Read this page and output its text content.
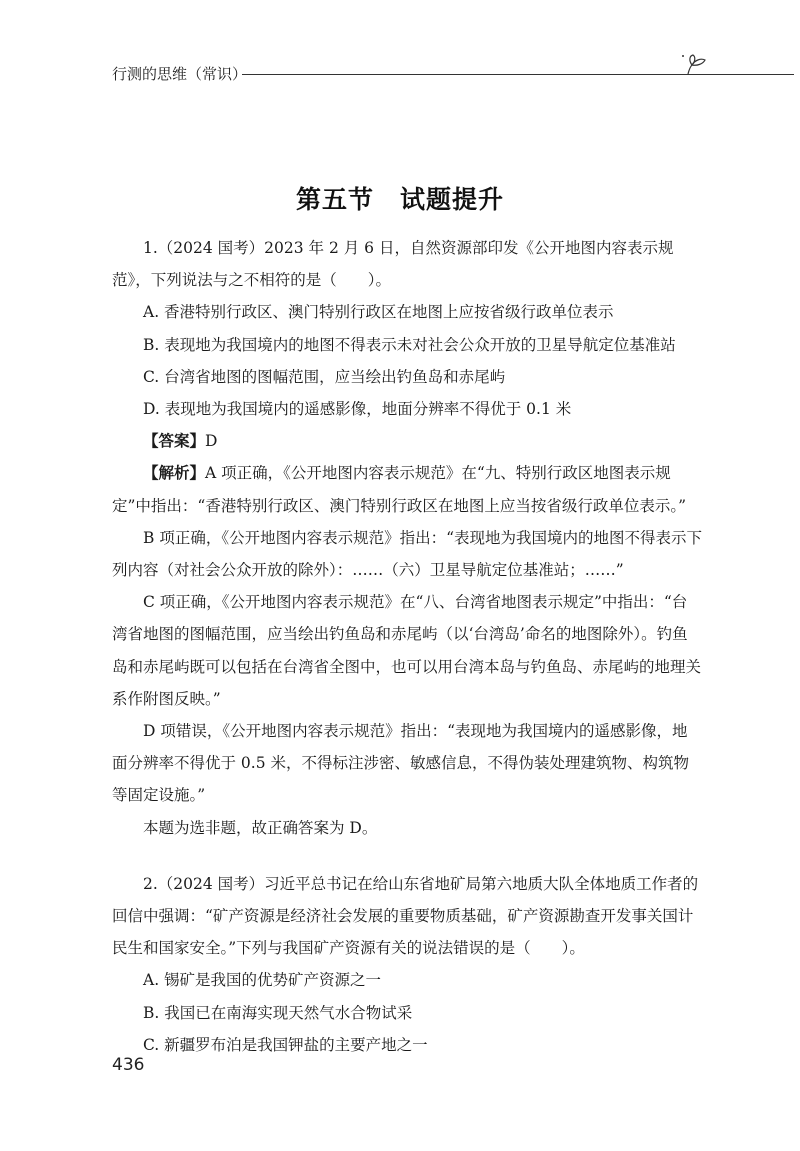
行测的思维（常识）
第五节　试题提升

1.（2024 国考）2023 年 2 月 6 日，自然资源部印发《公开地图内容表示规范》，下列说法与之不相符的是（　　）。

A. 香港特别行政区、澳门特别行政区在地图上应按省级行政单位表示

B. 表现地为我国境内的地图不得表示未对社会公众开放的卫星导航定位基准站

C. 台湾省地图的图幅范围，应当绘出钓鱼岛和赤尾屿

D. 表现地为我国境内的遥感影像，地面分辨率不得优于 0.1 米

【答案】D

【解析】A 项正确，《公开地图内容表示规范》在“九、特别行政区地图表示规定”中指出：“香港特别行政区、澳门特别行政区在地图上应当按省级行政单位表示。”

B 项正确，《公开地图内容表示规范》指出：“表现地为我国境内的地图不得表示下列内容（对社会公众开放的除外）：……（六）卫星导航定位基准站；……”

C 项正确，《公开地图内容表示规范》在“八、台湾省地图表示规定”中指出：“台湾省地图的图幅范围，应当绘出钓鱼岛和赤尾屿（以‘台湾岛’命名的地图除外）。钓鱼岛和赤尾屿既可以包括在台湾省全图中，也可以用台湾本岛与钓鱼岛、赤尾屿的地理关系作附图反映。”

D 项错误，《公开地图内容表示规范》指出：“表现地为我国境内的遥感影像，地面分辨率不得优于 0.5 米，不得标注涉密、敏感信息，不得伪装处理建筑物、构筑物等固定设施。”

本题为选非题，故正确答案为 D。

2.（2024 国考）习近平总书记在给山东省地矿局第六地质大队全体地质工作者的回信中强调：“矿产资源是经济社会发展的重要物质基础，矿产资源勘查开发事关国计民生和国家安全。”下列与我国矿产资源有关的说法错误的是（　　）。

A. 锡矿是我国的优势矿产资源之一

B. 我国已在南海实现天然气水合物试采

C. 新疆罗布泊是我国钾盐的主要产地之一

436
